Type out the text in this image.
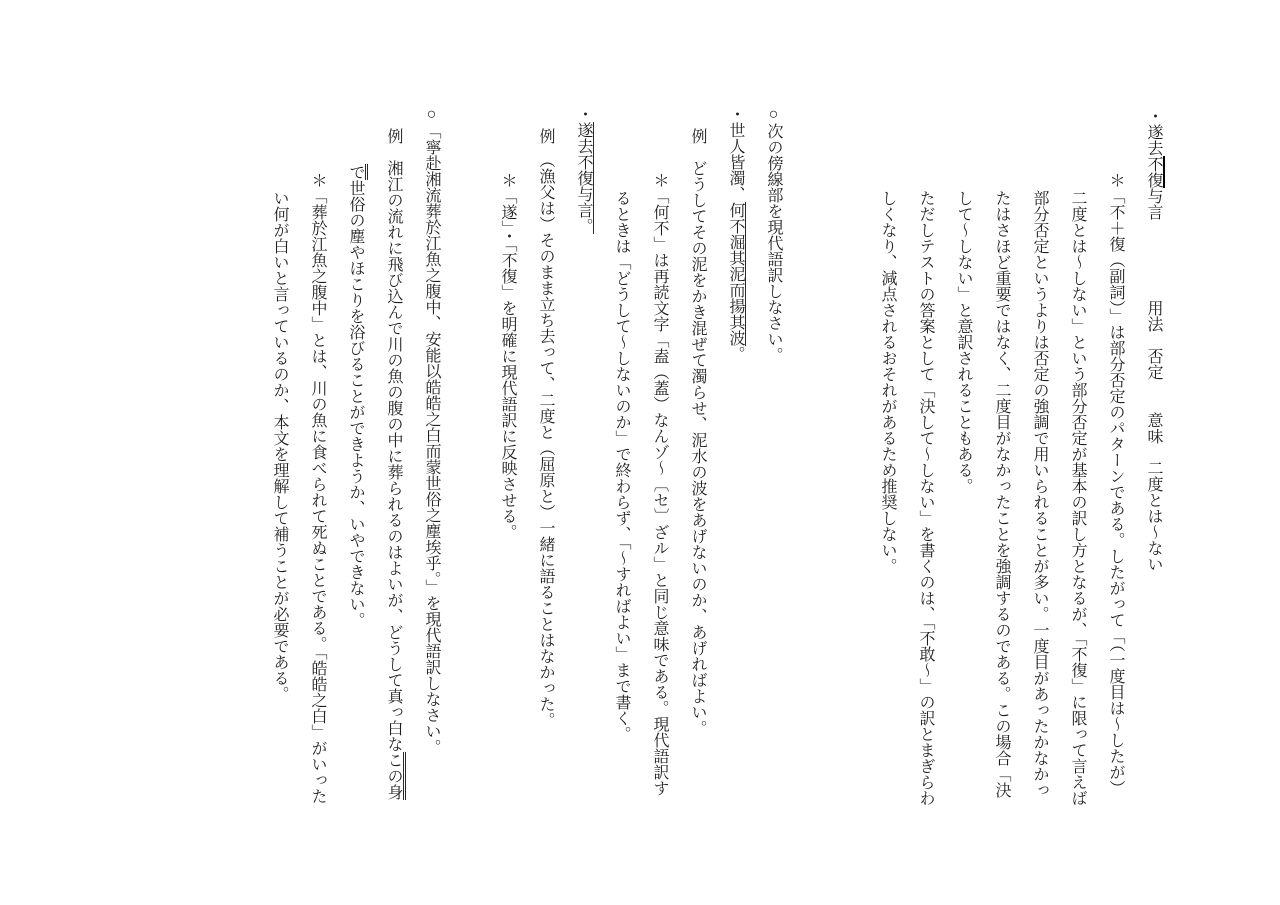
・遂去不復与言　　　　　用法　否定　　意味　二度とは〜ない
＊「不＋復（副詞）」は部分否定のパターンである。したがって「（一度目は〜したが）
二度とは〜しない」という部分否定が基本の訳し方となるが、「不復」に限って言えば
部分否定というよりは否定の強調で用いられることが多い。一度目があったかなかっ
たはさほど重要ではなく、二度目がなかったことを強調するのである。この場合「決
して〜しない」と意訳されることもある。
ただしテストの答案として「決して〜しない」を書くのは、「不敢〜」の訳とまぎらわ
しくなり、減点されるおそれがあるため推奨しない。
○次の傍線部を現代語訳しなさい。
・世人皆濁、何不淈其泥而揚其波。
例　どうしてその泥をかき混ぜて濁らせ、泥水の波をあげないのか、あげればよい。
＊「何不」は再読文字「盍（蓋）なんゾ〜〔セ〕ざル」と同じ意味である。現代語訳す
るときは「どうして〜しないのか」で終わらず、「〜すればよい」まで書く。
・遂去不復与言。
例　（漁父は）そのまま立ち去って、二度と（屈原と）一緒に語ることはなかった。
＊「遂」・「不復」を明確に現代語訳に反映させる。
○「寧赴湘流葬於江魚之腹中、安能以皓皓之白而蒙世俗之塵埃乎。」を現代語訳しなさい。
例　湘江の流れに飛び込んで川の魚の腹の中に葬られるのはよいが、どうして真っ白なこの身
で世俗の塵やほこりを浴びることができようか、いやできない。
＊「葬於江魚之腹中」とは、川の魚に食べられて死ぬことである。「皓皓之白」がいった
い何が白いと言っているのか、本文を理解して補うことが必要である。
